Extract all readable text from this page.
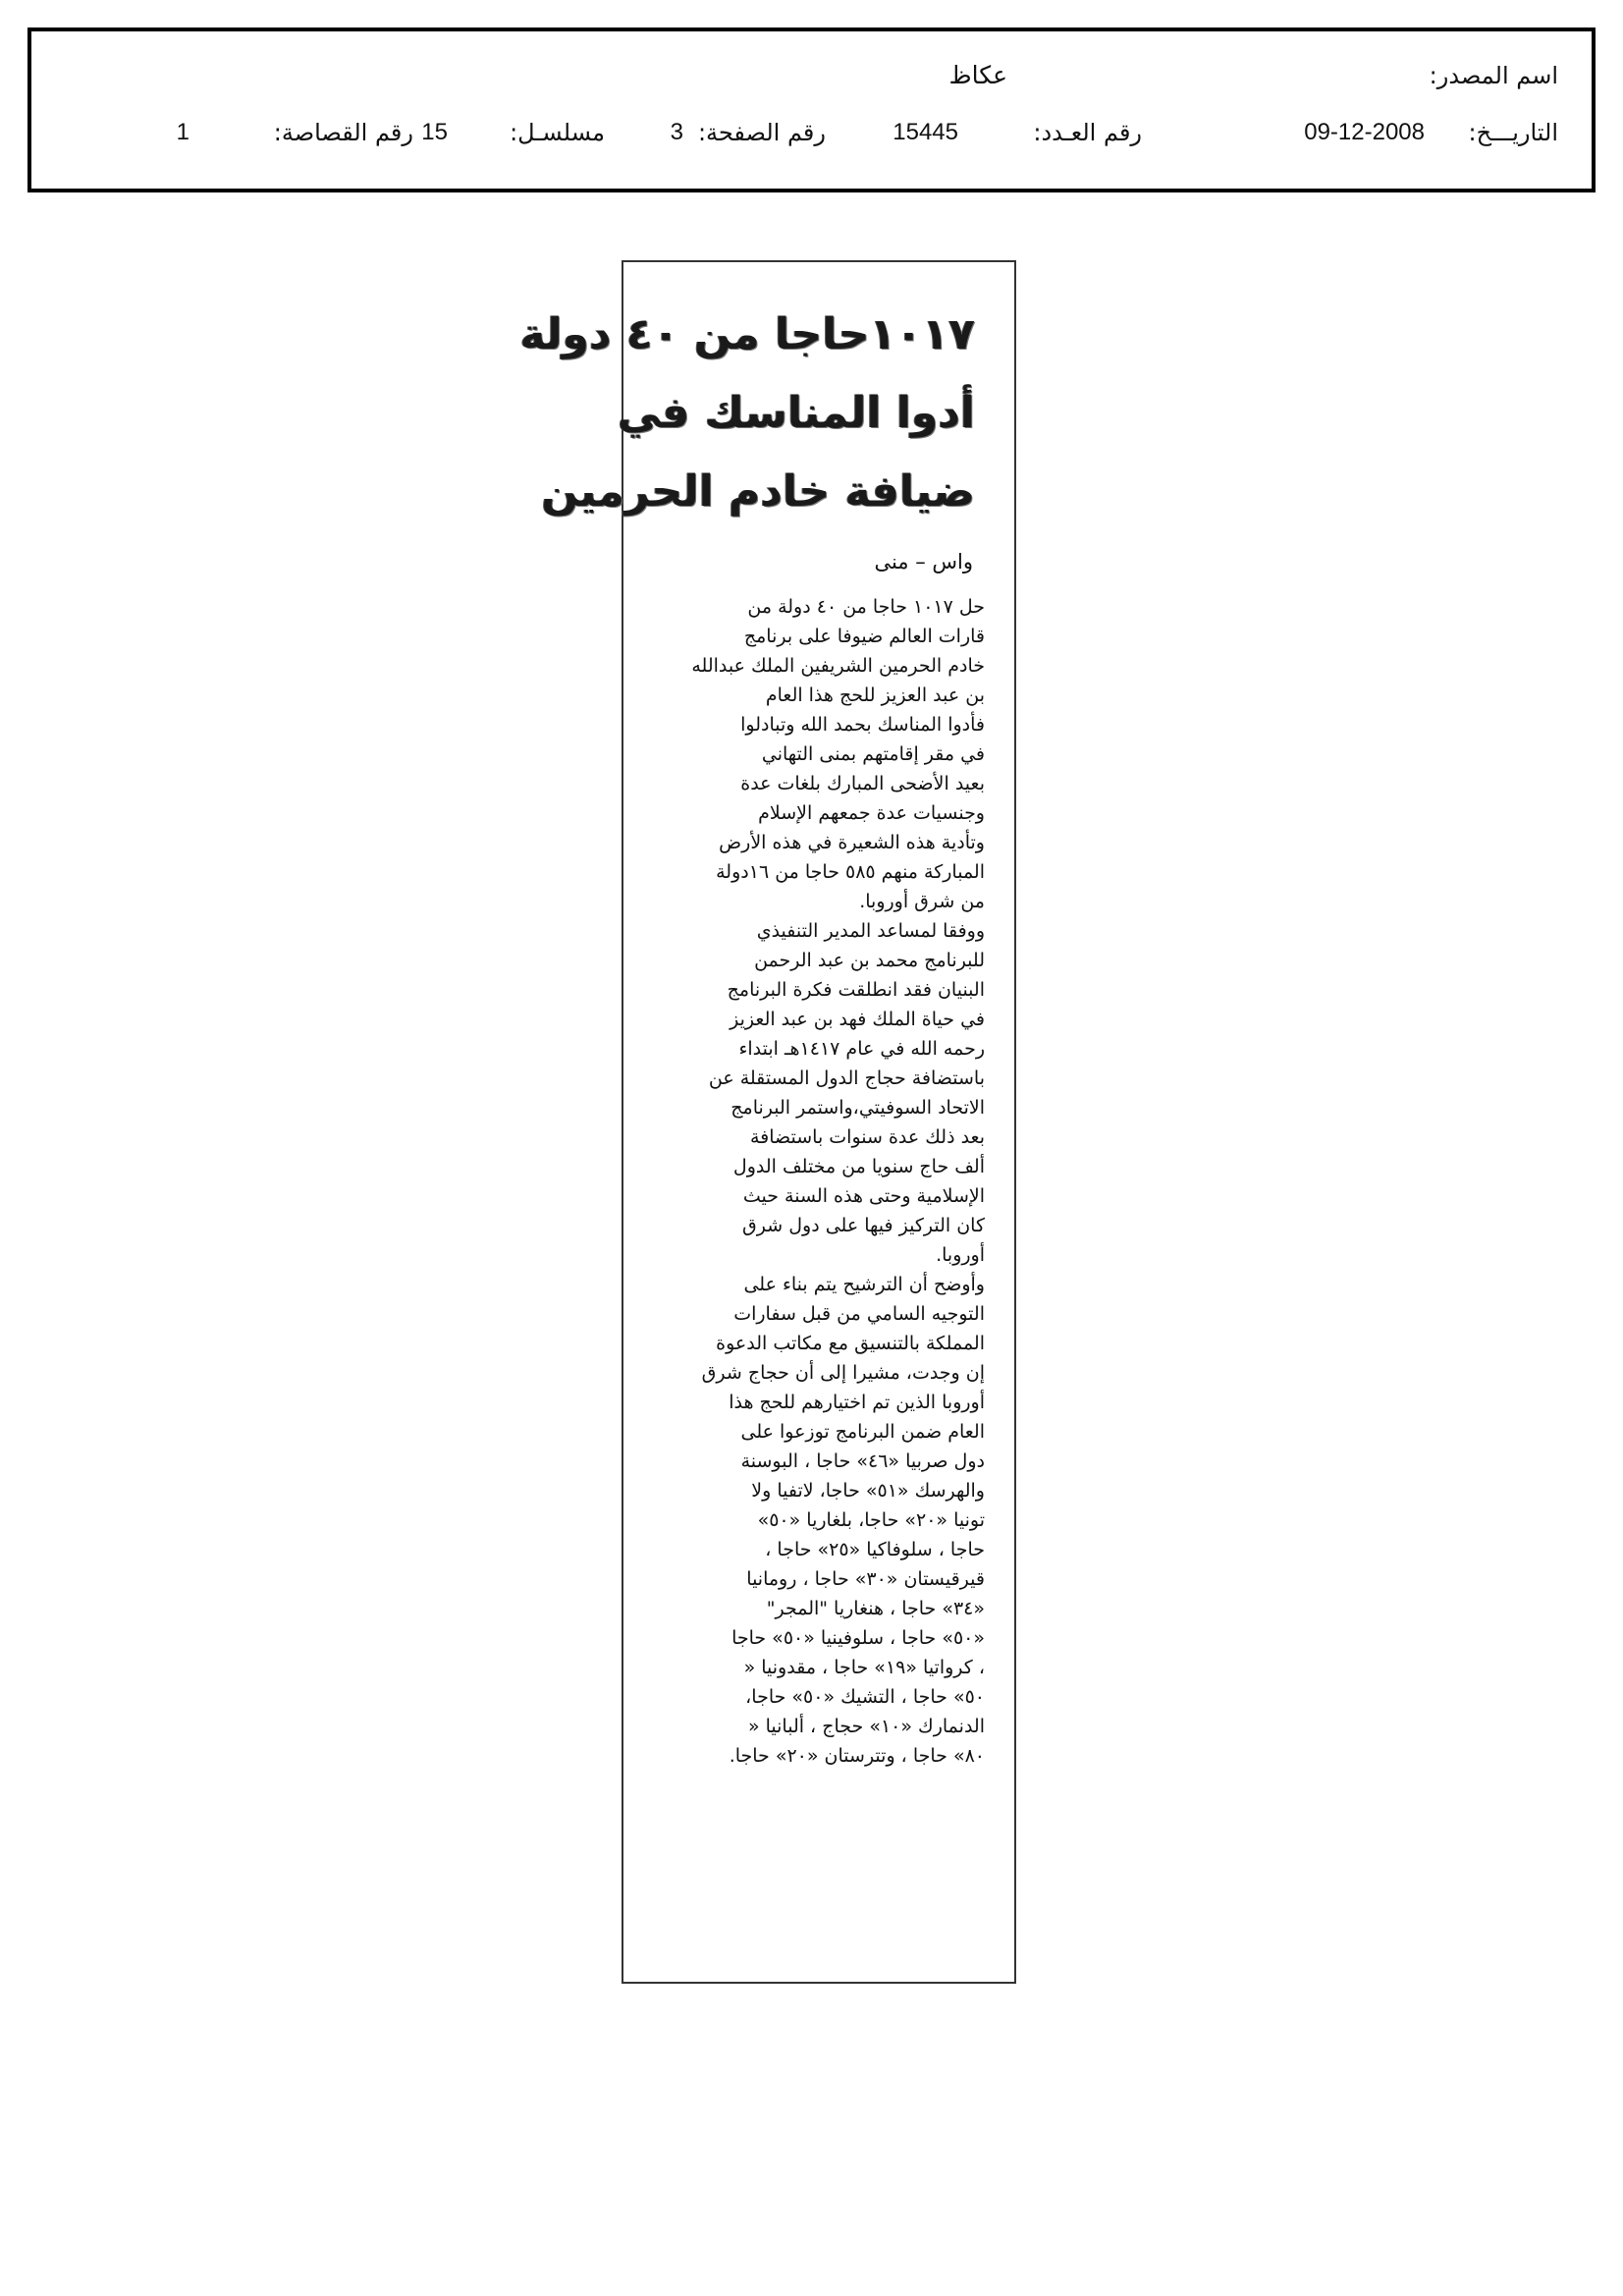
اسم المصدر:
عكاظ
التاريـــخ:
09-12-2008
رقم العـدد:
15445
رقم الصفحة:
3
مسلسـل:
15
رقم القصاصة:
1
١٠١٧حاجا من ٤٠ دولة
أدوا المناسك في
ضيافة خادم الحرمين
واس – منى
حل ١٠١٧ حاجا من ٤٠ دولة من
قارات العالم ضيوفا على برنامج
خادم الحرمين الشريفين الملك عبدالله
بن عبد العزيز للحج هذا العام
فأدوا المناسك بحمد الله وتبادلوا
في مقر إقامتهم بمنى التهاني
بعيد الأضحى المبارك بلغات عدة
وجنسيات عدة جمعهم الإسلام
وتأدية هذه الشعيرة في هذه الأرض
المباركة منهم ٥٨٥ حاجا من ١٦دولة
من شرق أوروبا.
ووفقا لمساعد المدير التنفيذي
للبرنامج محمد بن عبد الرحمن
البنيان فقد انطلقت فكرة البرنامج
في حياة الملك فهد بن عبد العزيز
رحمه الله في عام ١٤١٧هـ ابتداء
باستضافة حجاج الدول المستقلة عن
الاتحاد السوفيتي،واستمر البرنامج
بعد ذلك عدة سنوات باستضافة
ألف حاج سنويا من مختلف الدول
الإسلامية وحتى هذه السنة حيث
كان التركيز فيها على دول شرق
أوروبا.
وأوضح أن الترشيح يتم بناء على
التوجيه السامي من قبل سفارات
المملكة بالتنسيق مع مكاتب الدعوة
إن وجدت، مشيرا إلى أن حجاج شرق
أوروبا الذين تم اختيارهم للحج هذا
العام ضمن البرنامج توزعوا على
دول صربيا «٤٦» حاجا ، البوسنة
والهرسك «٥١» حاجا، لاتفيا ولا
تونيا «٢٠» حاجا، بلغاريا «٥٠»
حاجا ، سلوفاكيا «٢٥» حاجا ،
قيرقيستان «٣٠» حاجا ، رومانيا
«٣٤» حاجا ، هنغاريا "المجر"
«٥٠» حاجا ، سلوفينيا «٥٠» حاجا
، كرواتيا «١٩» حاجا ، مقدونيا «
٥٠» حاجا ، التشيك «٥٠» حاجا،
الدنمارك «١٠» حجاج ، ألبانيا «
٨٠» حاجا ، وتترستان «٢٠» حاجا.
